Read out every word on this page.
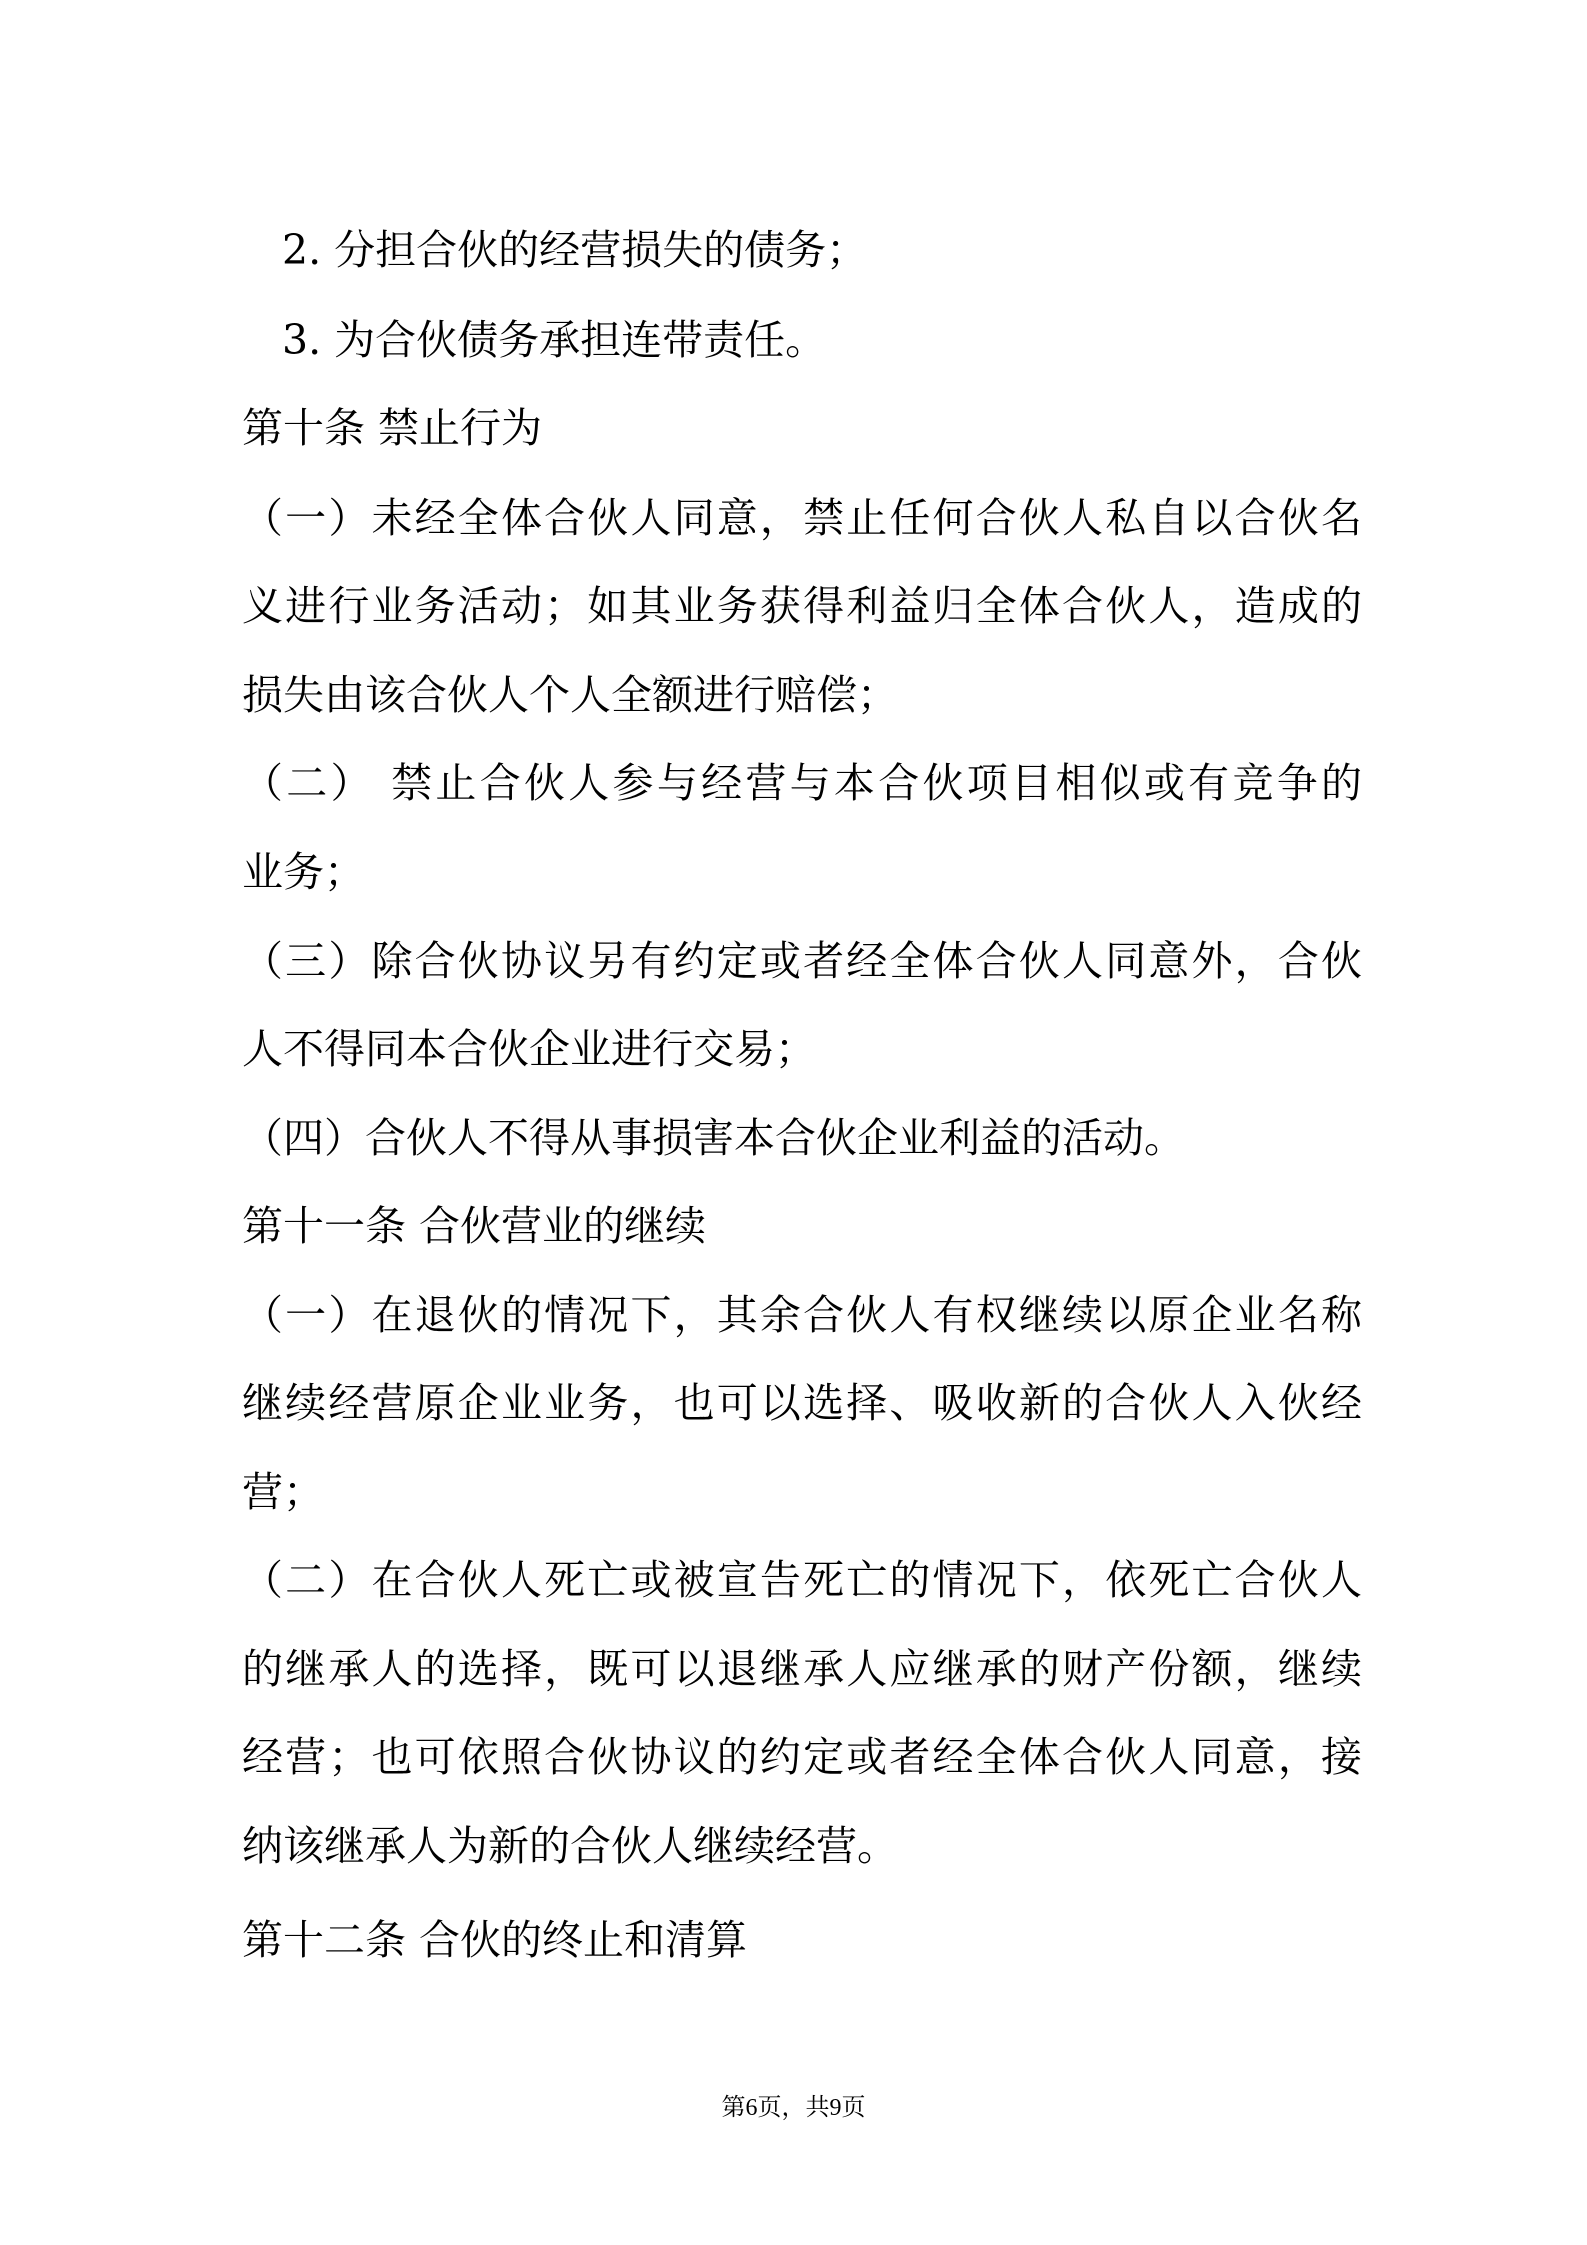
2. 分担合伙的经营损失的债务；
3. 为合伙债务承担连带责任。
第十条 禁止行为
（一）未经全体合伙人同意，禁止任何合伙人私自以合伙名
义进行业务活动；如其业务获得利益归全体合伙人，造成的
损失由该合伙人个人全额进行赔偿；
（二） 禁止合伙人参与经营与本合伙项目相似或有竞争的
业务；
（三）除合伙协议另有约定或者经全体合伙人同意外，合伙
人不得同本合伙企业进行交易；
（四）合伙人不得从事损害本合伙企业利益的活动。
第十一条 合伙营业的继续
（一）在退伙的情况下，其余合伙人有权继续以原企业名称
继续经营原企业业务，也可以选择、吸收新的合伙人入伙经
营；
（二）在合伙人死亡或被宣告死亡的情况下，依死亡合伙人
的继承人的选择，既可以退继承人应继承的财产份额，继续
经营；也可依照合伙协议的约定或者经全体合伙人同意，接
纳该继承人为新的合伙人继续经营。
第十二条 合伙的终止和清算
第6页，共9页
